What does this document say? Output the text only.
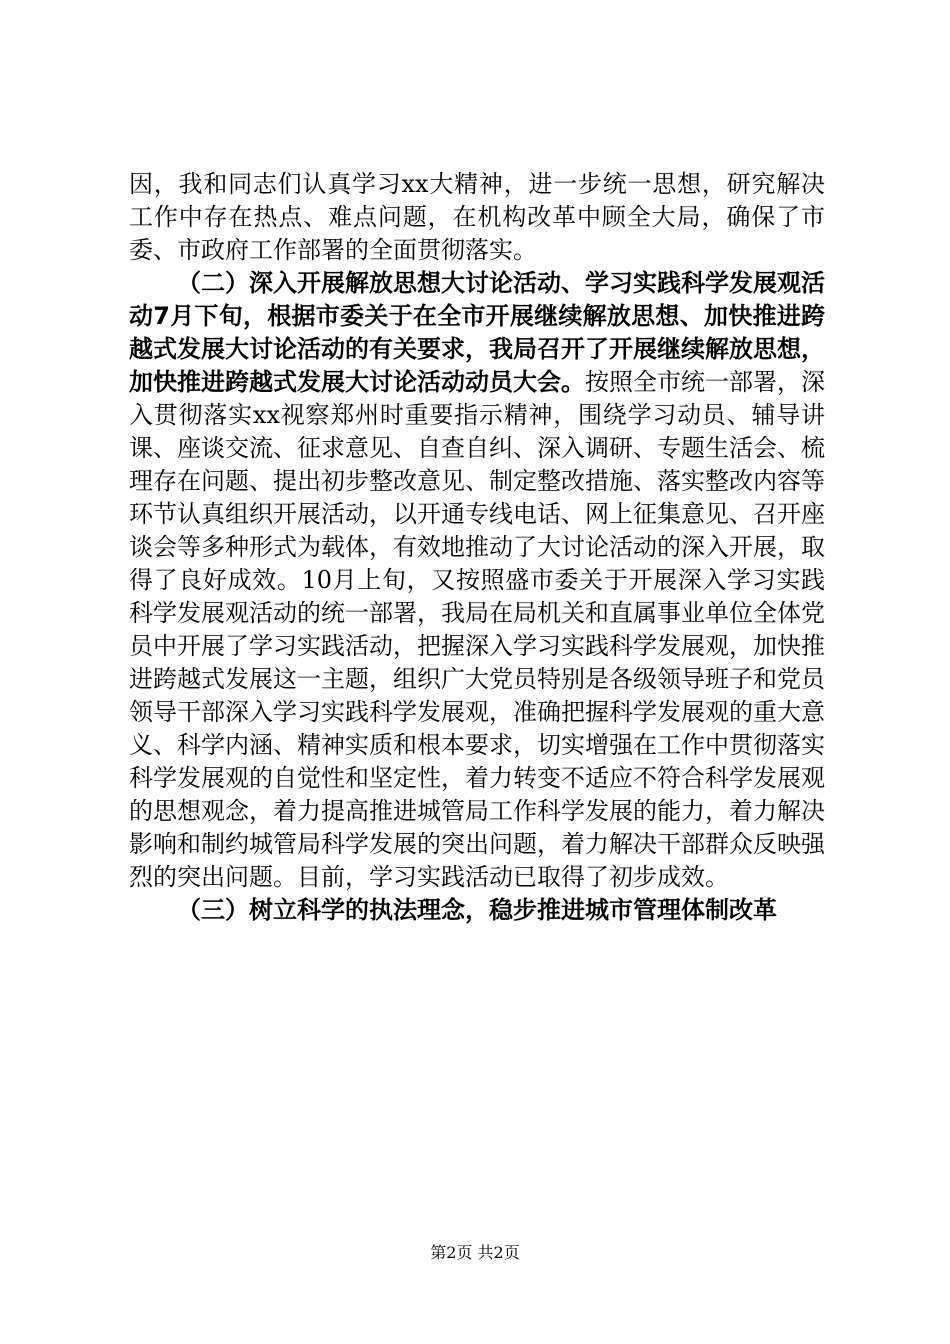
因，我和同志们认真学习xx大精神，进一步统一思想，研究解决工作中存在热点、难点问题，在机构改革中顾全大局，确保了市委、市政府工作部署的全面贯彻落实。

（二）深入开展解放思想大讨论活动、学习实践科学发展观活动7月下旬，根据市委关于在全市开展继续解放思想、加快推进跨越式发展大讨论活动的有关要求，我局召开了开展继续解放思想，加快推进跨越式发展大讨论活动动员大会。按照全市统一部署，深入贯彻落实xx视察郑州时重要指示精神，围绕学习动员、辅导讲课、座谈交流、征求意见、自查自纠、深入调研、专题生活会、梳理存在问题、提出初步整改意见、制定整改措施、落实整改内容等环节认真组织开展活动，以开通专线电话、网上征集意见、召开座谈会等多种形式为载体，有效地推动了大讨论活动的深入开展，取得了良好成效。10月上旬，又按照盛市委关于开展深入学习实践科学发展观活动的统一部署，我局在局机关和直属事业单位全体党员中开展了学习实践活动，把握深入学习实践科学发展观，加快推进跨越式发展这一主题，组织广大党员特别是各级领导班子和党员领导干部深入学习实践科学发展观，准确把握科学发展观的重大意义、科学内涵、精神实质和根本要求，切实增强在工作中贯彻落实科学发展观的自觉性和坚定性，着力转变不适应不符合科学发展观的思想观念，着力提高推进城管局工作科学发展的能力，着力解决影响和制约城管局科学发展的突出问题，着力解决干部群众反映强烈的突出问题。目前，学习实践活动已取得了初步成效。

（三）树立科学的执法理念，稳步推进城市管理体制改革

第2页 共2页
